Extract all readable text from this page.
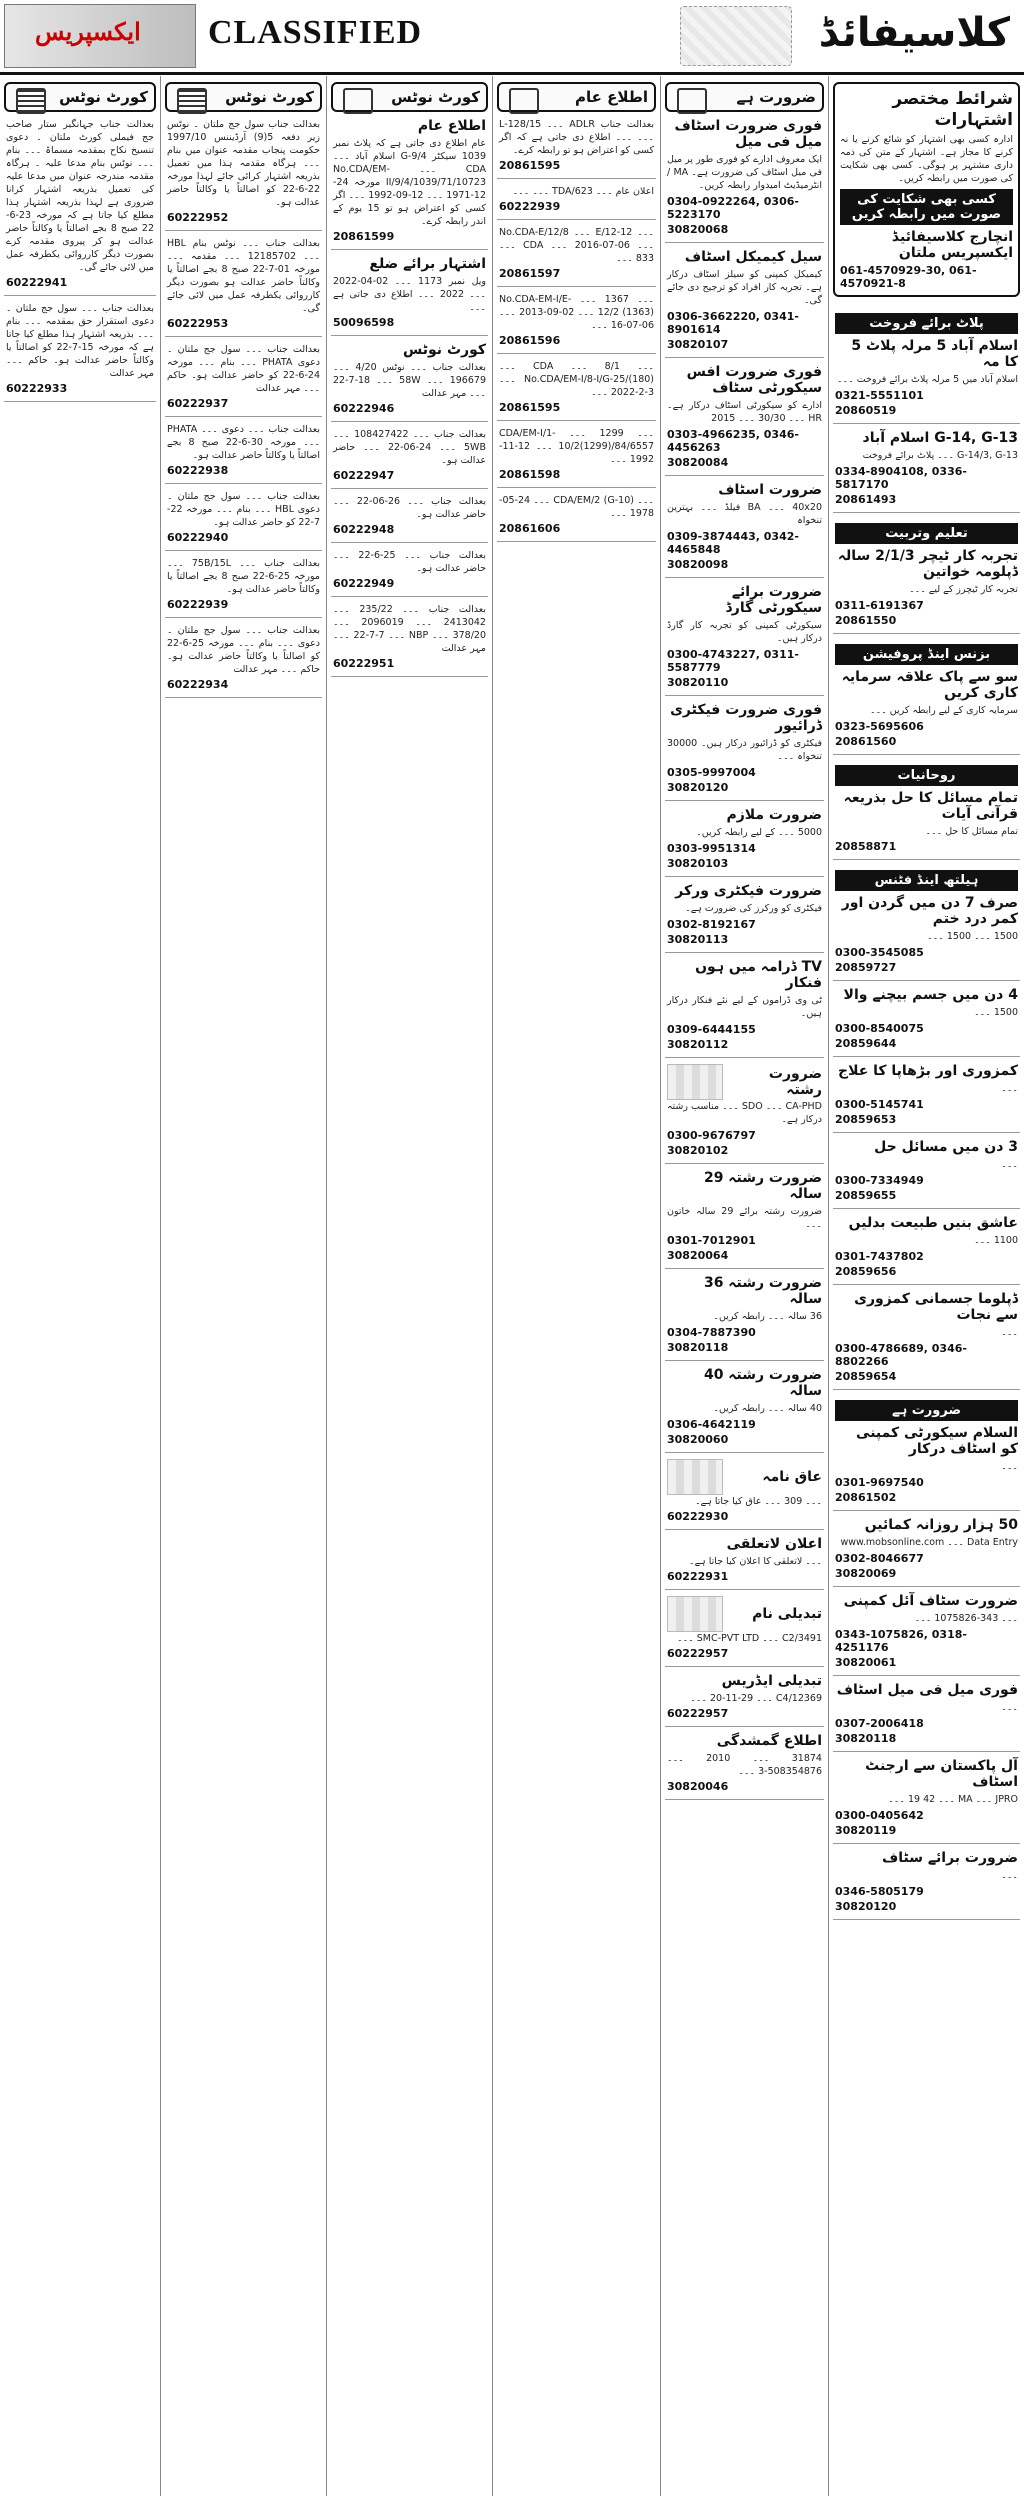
ایکسپریس CLASSIFIED	کلاسیفائڈ
کورٹ نوٹس
بعدالت جناب جہانگیر ستار صاحب جج فیملی کورٹ ملتان ۔ دعوی تنسیخ نکاح بمقدمہ مسماۃ ۔۔۔ بنام ۔۔۔ نوٹس بنام مدعا علیہ ۔ ہرگاہ مقدمہ مندرجہ عنوان میں مدعا علیہ کی تعمیل بذریعہ اشتہار کرانا ضروری ہے لہذا بذریعہ اشتہار ہذا مطلع کیا جاتا ہے کہ مورخہ 23-6-22 صبح 8 بجے اصالتاً یا وکالتاً حاضر عدالت ہو کر پیروی مقدمہ کرے بصورت دیگر کارروائی یکطرفہ عمل میں لائی جائے گی۔
60222941
بعدالت جناب ۔۔۔ سول جج ملتان ۔ دعوی استقرار حق بمقدمہ ۔۔۔ بنام ۔۔۔ بذریعہ اشتہار ہذا مطلع کیا جاتا ہے کہ مورخہ 15-7-22 کو اصالتاً یا وکالتاً حاضر عدالت ہو۔ حاکم ۔۔۔ مہر عدالت
60222933
کورٹ نوٹس
بعدالت جناب سول جج ملتان ۔ نوٹس زیر دفعہ 5(9) آرڈیننس 1997/10 حکومت پنجاب مقدمہ عنوان میں بنام ۔۔۔ ہرگاہ مقدمہ ہذا میں تعمیل بذریعہ اشتہار کرائی جائے لہذا مورخہ 22-6-22 کو اصالتاً یا وکالتاً حاضر عدالت ہو۔
60222952
بعدالت جناب ۔۔۔ نوٹس بنام HBL ۔۔۔ 12185702 ۔۔۔ مقدمہ ۔۔۔ مورخہ 01-7-22 صبح 8 بجے اصالتاً یا وکالتاً حاضر عدالت ہو بصورت دیگر کارروائی یکطرفہ عمل میں لائی جائے گی۔
60222953
بعدالت جناب ۔۔۔ سول جج ملتان ۔ دعوی PHATA ۔۔۔ بنام ۔۔۔ مورخہ 24-6-22 کو حاضر عدالت ہو۔ حاکم ۔۔۔ مہر عدالت
60222937
بعدالت جناب ۔۔۔ دعوی ۔۔۔ PHATA ۔۔۔ مورخہ 30-6-22 صبح 8 بجے اصالتاً یا وکالتاً حاضر عدالت ہو۔
60222938
بعدالت جناب ۔۔۔ سول جج ملتان ۔ دعوی HBL ۔۔۔ بنام ۔۔۔ مورخہ 22-7-22 کو حاضر عدالت ہو۔
60222940
بعدالت جناب ۔۔۔ 75B/15L ۔۔۔ مورخہ 25-6-22 صبح 8 بجے اصالتاً یا وکالتاً حاضر عدالت ہو۔
60222939
بعدالت جناب ۔۔۔ سول جج ملتان ۔ دعوی ۔۔۔ بنام ۔۔۔ مورخہ 25-6-22 کو اصالتاً یا وکالتاً حاضر عدالت ہو۔ حاکم ۔۔۔ مہر عدالت
60222934
کورٹ نوٹس
اطلاع عام
عام اطلاع دی جاتی ہے کہ پلاٹ نمبر 1039 سیکٹر G-9/4 اسلام آباد ۔۔۔ CDA ۔۔۔ No.CDA/EM-II/9/4/1039/71/10723 مورخہ 24-12-1971 ۔۔۔ 12-09-1992 ۔۔۔ اگر کسی کو اعتراض ہو تو 15 یوم کے اندر رابطہ کرے۔
20861599
اشتہار برائے ضلع
ویل نمبر 1173 ۔۔۔ 02-04-2022 ۔۔۔ 2022 ۔۔۔ اطلاع دی جاتی ہے ۔۔۔
50096598
کورٹ نوٹس
بعدالت جناب ۔۔۔ نوٹس 4/20 ۔۔۔ 196679 ۔۔۔ 58W ۔۔۔ 18-7-22 ۔۔۔ مہر عدالت
60222946
بعدالت جناب ۔۔۔ 108427422 ۔۔۔ 5WB ۔۔۔ 24-06-22 ۔۔۔ حاضر عدالت ہو۔
60222947
بعدالت جناب ۔۔۔ 26-06-22 ۔۔۔ حاضر عدالت ہو۔
60222948
بعدالت جناب ۔۔۔ 25-6-22 ۔۔۔ حاضر عدالت ہو۔
60222949
بعدالت جناب ۔۔۔ 235/22 ۔۔۔ 2413042 ۔۔۔ 2096019 ۔۔۔ 378/20 ۔۔۔ NBP ۔۔۔ 7-7-22 ۔۔۔ مہر عدالت
60222951
اطلاع عام
بعدالت جناب ADLR ۔۔۔ 128/15-L ۔۔۔ ۔۔۔ اطلاع دی جاتی ہے کہ اگر کسی کو اعتراض ہو تو رابطہ کرے۔
20861595
اعلان عام ۔۔۔ 623/TDA ۔۔۔ ۔۔۔
60222939
۔۔۔ 12-E/12 ۔۔۔ No.CDA-E/12/8 ۔۔۔ 06-07-2016 ۔۔۔ CDA ۔۔۔ 833 ۔۔۔
20861597
۔۔۔ 1367 ۔۔۔ No.CDA-EM-I/E-12/2 (1363) ۔۔۔ 02-09-2013 ۔۔۔ 06-07-16 ۔۔۔
20861596
۔۔۔ 8/1 ۔۔۔ CDA ۔۔۔ No.CDA/EM-I/8-I/G-25/(180) ۔۔۔ 3-2-2022 ۔۔۔
20861595
۔۔۔ 1299 ۔۔۔ CDA/EM-I/1-10/2(1299)/84/6557 ۔۔۔ 12-11-1992 ۔۔۔
20861598
۔۔۔ CDA/EM/2 (G-10) ۔۔۔ 24-05-1978 ۔۔۔
20861606
ضرورت ہے
فوری ضرورت اسٹاف میل فی میل
ایک معروف ادارے کو فوری طور پر میل فی میل اسٹاف کی ضرورت ہے۔ MA / انٹرمیڈیٹ امیدوار رابطہ کریں۔
0304-0922264, 0306-5223170
30820068
سیل کیمیکل اسٹاف
کیمیکل کمپنی کو سیلز اسٹاف درکار ہے۔ تجربہ کار افراد کو ترجیح دی جائے گی۔
0306-3662220, 0341-8901614
30820107
فوری ضرورت افس سیکورٹی سٹاف
ادارے کو سیکورٹی اسٹاف درکار ہے۔ HR ۔۔۔ 30/30 ۔۔۔ 2015
0303-4966235, 0346-4456263
30820084
ضرورت اسٹاف
40x20 ۔۔۔ BA فیلڈ ۔۔۔ بہترین تنخواہ
0309-3874443, 0342-4465848
30820098
ضرورت برائے سیکورٹی گارڈ
سیکورٹی کمپنی کو تجربہ کار گارڈ درکار ہیں۔
0300-4743227, 0311-5587779
30820110
فوری ضرورت فیکٹری ڈرائیور
فیکٹری کو ڈرائیور درکار ہیں۔ 30000 تنخواہ ۔۔۔
0305-9997004
30820120
ضرورت ملازم
5000 ۔۔۔ کے لیے رابطہ کریں۔
0303-9951314
30820103
ضرورت فیکٹری ورکر
فیکٹری کو ورکرز کی ضرورت ہے۔
0302-8192167
30820113
TV ڈرامہ میں ہوں فنکار
ٹی وی ڈراموں کے لیے نئے فنکار درکار ہیں۔
0309-6444155
30820112
ضرورت رشتہ
CA-PHD ۔۔۔ SDO ۔۔۔ مناسب رشتہ درکار ہے۔
0300-9676797
30820102
ضرورت رشتہ 29 سالہ
ضرورت رشتہ برائے 29 سالہ خاتون ۔۔۔
0301-7012901
30820064
ضرورت رشتہ 36 سالہ
36 سالہ ۔۔۔ رابطہ کریں۔
0304-7887390
30820118
ضرورت رشتہ 40 سالہ
40 سالہ ۔۔۔ رابطہ کریں۔
0306-4642119
30820060
عاق نامہ
۔۔۔ 309 ۔۔۔ عاق کیا جاتا ہے۔
60222930
اعلان لاتعلقی
۔۔۔ لاتعلقی کا اعلان کیا جاتا ہے۔
60222931
تبدیلی نام
C2/3491 ۔۔۔ SMC-PVT LTD ۔۔۔
60222957
تبدیلی ایڈریس
C4/12369 ۔۔۔ 29-11-20 ۔۔۔
60222957
اطلاع گمشدگی
31874 ۔۔۔ 2010 ۔۔۔ 508354876-3 ۔۔۔
30820046
شرائط مختصر اشتہارات
ادارہ کسی بھی اشتہار کو شائع کرنے یا نہ کرنے کا مجاز ہے۔ اشتہار کے متن کی ذمہ داری مشتہر پر ہوگی۔ کسی بھی شکایت کی صورت میں رابطہ کریں۔
کسی بھی شکایت کی صورت میں رابطہ کریں
انچارج کلاسیفائیڈ ایکسپریس ملتان
061-4570929-30, 061-4570921-8
پلاٹ برائے فروخت
اسلام آباد 5 مرلہ پلاٹ 5 کا مہ
اسلام آباد میں 5 مرلہ پلاٹ برائے فروخت ۔۔۔
0321-5551101
20860519
G-14, G-13 اسلام آباد
G-14/3, G-13 ۔۔۔ پلاٹ برائے فروخت
0334-8904108, 0336-5817170
20861493
تعلیم وتربیت
تجربہ کار ٹیچر 2/1/3 سالہ ڈپلومہ خواتین
تجربہ کار ٹیچرز کے لیے ۔۔۔
0311-6191367
20861550
بزنس اینڈ پروفیشن
سو سے پاک علاقہ سرمایہ کاری کریں
سرمایہ کاری کے لیے رابطہ کریں ۔۔۔
0323-5695606
20861560
روحانیات
تمام مسائل کا حل بذریعہ قرآنی آیات
تمام مسائل کا حل ۔۔۔
20858871
ہیلتھ اینڈ فٹنس
صرف 7 دن میں گردن اور کمر درد ختم
1500 ۔۔۔ 1500 ۔۔۔
0300-3545085
20859727
4 دن میں جسم بیچنے والا
1500 ۔۔۔
0300-8540075
20859644
کمزوری اور بڑھاپا کا علاج
۔۔۔
0300-5145741
20859653
3 دن میں مسائل حل
۔۔۔
0300-7334949
20859655
عاشق بنیں طبیعت بدلیں
1100 ۔۔۔
0301-7437802
20859656
ڈپلوما جسمانی کمزوری سے نجات
۔۔۔
0300-4786689, 0346-8802266
20859654
ضرورت ہے
السلام سیکورٹی کمپنی کو اسٹاف درکار
۔۔۔
0301-9697540
20861502
50 ہزار روزانہ کمائیں
Data Entry ۔۔۔ www.mobsonline.com
0302-8046677
30820069
ضرورت سٹاف آئل کمپنی
۔۔۔ 343-1075826 ۔۔۔
0343-1075826, 0318-4251176
30820061
فوری میل فی میل اسٹاف
۔۔۔
0307-2006418
30820118
آل پاکستان سے ارجنٹ اسٹاف
JPRO ۔۔۔ MA ۔۔۔ 42 19 ۔۔۔
0300-0405642
30820119
ضرورت برائے سٹاف
۔۔۔
0346-5805179
30820120
